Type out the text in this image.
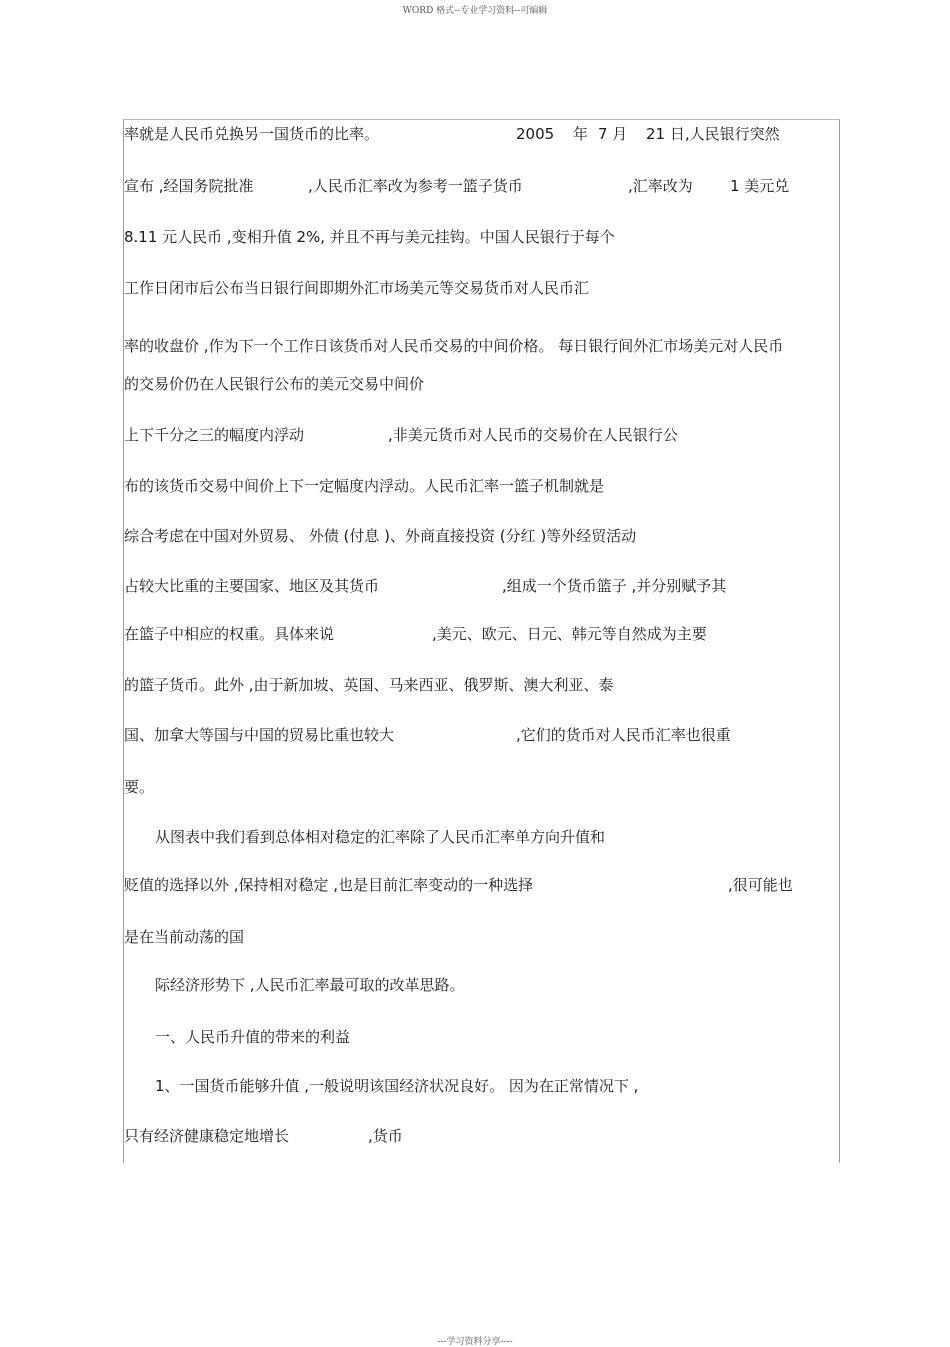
WORD 格式--专业学习资料--可编辑
率就是人民币兑换另一国货币的比率。	2005 年 7 月 21 日,人民银行突然
宣布 ,经国务院批准	,人民币汇率改为参考一篮子货币	,汇率改为 1 美元兑
8.11 元人民币 ,变相升值 2%, 并且不再与美元挂钩。中国人民银行于每个
工作日闭市后公布当日银行间即期外汇市场美元等交易货币对人民币汇
率的收盘价 ,作为下一个工作日该货币对人民币交易的中间价格。 每日银行间外汇市场美元对人民币
的交易价仍在人民银行公布的美元交易中间价
上下千分之三的幅度内浮动	,非美元货币对人民币的交易价在人民银行公
布的该货币交易中间价上下一定幅度内浮动。人民币汇率一篮子机制就是
综合考虑在中国对外贸易、 外债 (付息 )、外商直接投资 (分红 )等外经贸活动
占较大比重的主要国家、地区及其货币	,组成一个货币篮子 ,并分别赋予其
在篮子中相应的权重。具体来说	,美元、欧元、日元、韩元等自然成为主要
的篮子货币。此外 ,由于新加坡、英国、马来西亚、俄罗斯、澳大利亚、泰
国、加拿大等国与中国的贸易比重也较大	,它们的货币对人民币汇率也很重
要。
从图表中我们看到总体相对稳定的汇率除了人民币汇率单方向升值和
贬值的选择以外 ,保持相对稳定 ,也是目前汇率变动的一种选择	,很可能也
是在当前动荡的国
际经济形势下 ,人民币汇率最可取的改革思路。
一、人民币升值的带来的利益
1、一国货币能够升值 ,一般说明该国经济状况良好。 因为在正常情况下 ,
只有经济健康稳定地增长	,货币
---学习资料分享----
